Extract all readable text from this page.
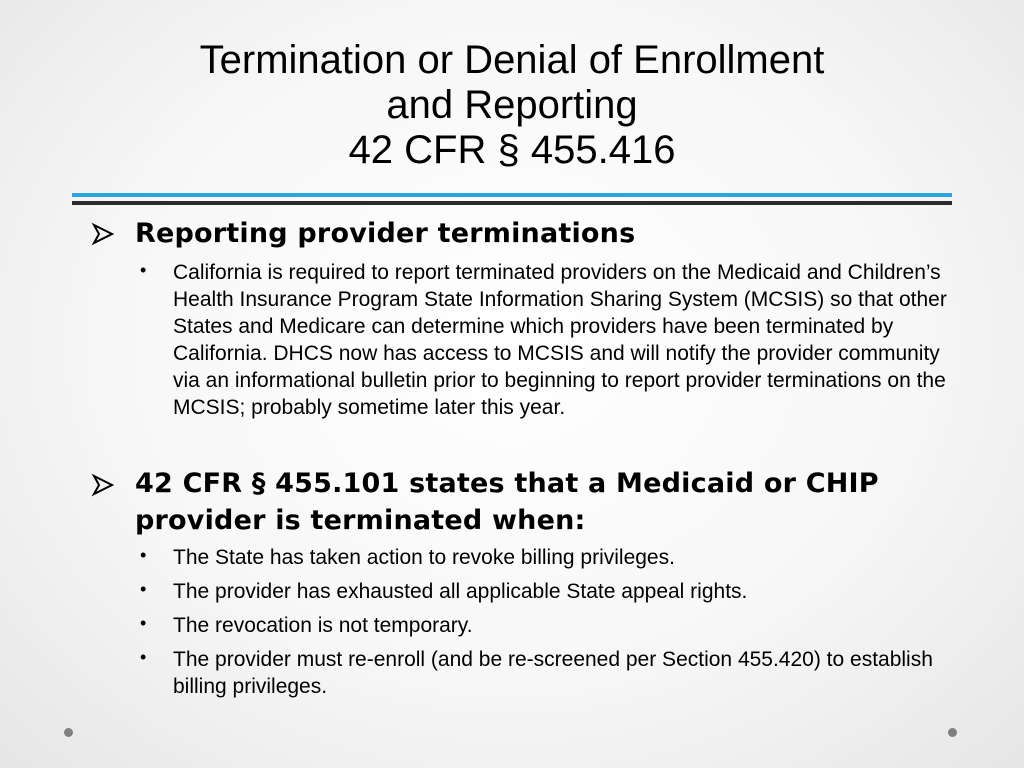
Termination or Denial of Enrollment
and Reporting
42 CFR § 455.416
Reporting provider terminations
• California is required to report terminated providers on the Medicaid and Children’s Health Insurance Program State Information Sharing System (MCSIS) so that other States and Medicare can determine which providers have been terminated by California. DHCS now has access to MCSIS and will notify the provider community via an informational bulletin prior to beginning to report provider terminations on the MCSIS; probably sometime later this year.
42 CFR § 455.101 states that a Medicaid or CHIP
provider is terminated when:
• The State has taken action to revoke billing privileges.
• The provider has exhausted all applicable State appeal rights.
• The revocation is not temporary.
• The provider must re-enroll (and be re-screened per Section 455.420) to establish billing privileges.
